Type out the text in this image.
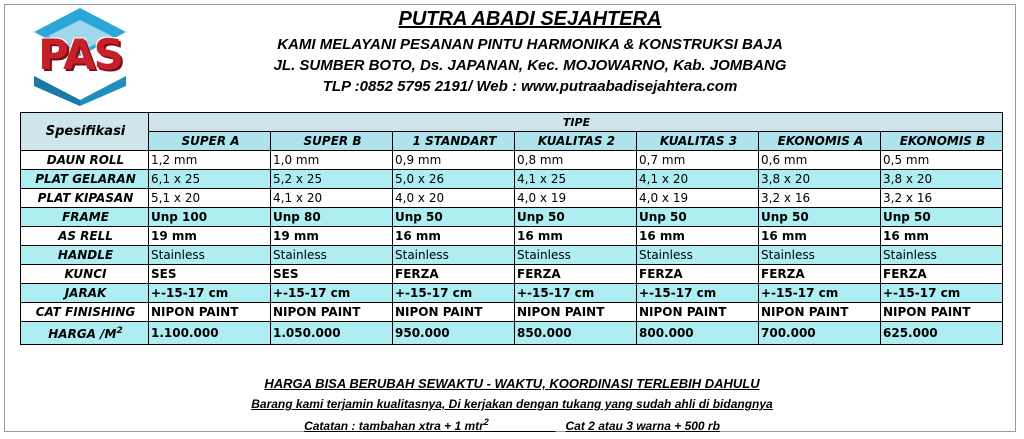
PAS
PUTRA ABADI SEJAHTERA
KAMI MELAYANI PESANAN PINTU HARMONIKA & KONSTRUKSI BAJA
JL. SUMBER BOTO, Ds. JAPANAN, Kec. MOJOWARNO, Kab. JOMBANG
TLP :0852 5795 2191/ Web : www.putraabadisejahtera.com
Spesifikasi	TIPE						
	SUPER A	SUPER B	1 STANDART	KUALITAS 2	KUALITAS 3	EKONOMIS A	EKONOMIS B
DAUN ROLL	1,2 mm	1,0 mm	0,9 mm	0,8 mm	0,7 mm	0,6 mm	0,5 mm
PLAT GELARAN	6,1 x 25	5,2 x 25	5,0 x 26	4,1 x 25	4,1 x 20	3,8 x 20	3,8 x 20
PLAT KIPASAN	5,1 x 20	4,1 x 20	4,0 x 20	4,0 x 19	4,0 x 19	3,2 x 16	3,2 x 16
FRAME	Unp 100	Unp 80	Unp 50	Unp 50	Unp 50	Unp 50	Unp 50
AS RELL	19 mm	19 mm	16 mm	16 mm	16 mm	16 mm	16 mm
HANDLE	Stainless	Stainless	Stainless	Stainless	Stainless	Stainless	Stainless
KUNCI	SES	SES	FERZA	FERZA	FERZA	FERZA	FERZA
JARAK	+-15-17 cm	+-15-17 cm	+-15-17 cm	+-15-17 cm	+-15-17 cm	+-15-17 cm	+-15-17 cm
CAT FINISHING	NIPON PAINT	NIPON PAINT	NIPON PAINT	NIPON PAINT	NIPON PAINT	NIPON PAINT	NIPON PAINT
HARGA $/M^2$	1.100.000	1.050.000	950.000	850.000	800.000	700.000	625.000
HARGA BISA BERUBAH SEWAKTU - WAKTU, KOORDINASI TERLEBIH DAHULU
Barang kami terjamin kualitasnya, Di kerjakan dengan tukang yang sudah ahli di bidangnya
Catatan : tambahan xtra + 1 mtr$^2$	Cat 2 atau 3 warna + 500 rb
